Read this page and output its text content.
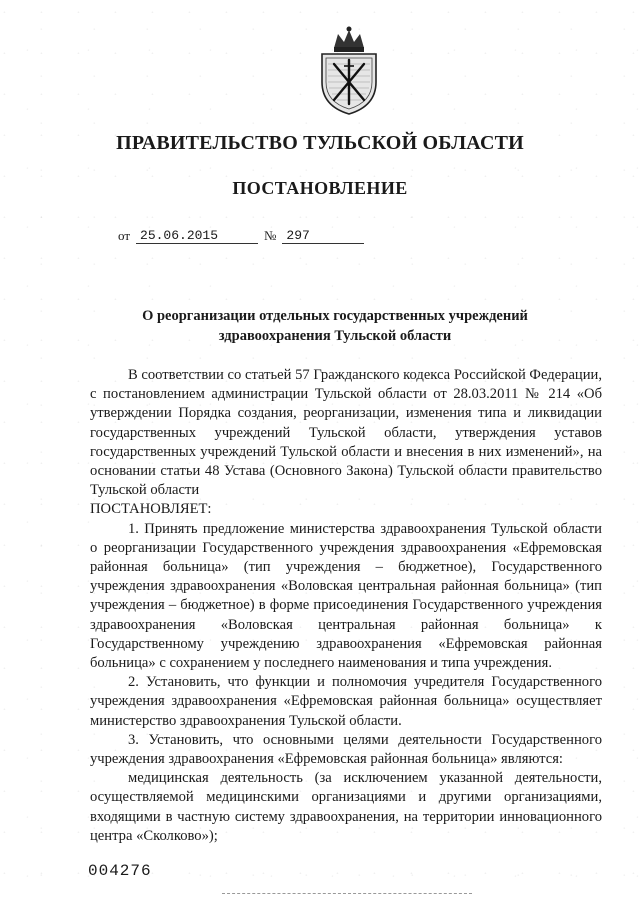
ПРАВИТЕЛЬСТВО ТУЛЬСКОЙ ОБЛАСТИ
ПОСТАНОВЛЕНИЕ
от 25.06.2015	№ 297
О реорганизации отдельных государственных учреждений
здравоохранения Тульской области

В соответствии со статьей 57 Гражданского кодекса Российской Федерации, с постановлением администрации Тульской области от 28.03.2011 № 214 «Об утверждении Порядка создания, реорганизации, изменения типа и ликвидации государственных учреждений Тульской области, утверждения уставов государственных учреждений Тульской области и внесения в них изменений», на основании статьи 48 Устава (Основного Закона) Тульской области правительство Тульской области

ПОСТАНОВЛЯЕТ:

1. Принять предложение министерства здравоохранения Тульской области о реорганизации Государственного учреждения здравоохранения «Ефремовская районная больница» (тип учреждения – бюджетное), Государственного учреждения здравоохранения «Воловская центральная районная больница» (тип учреждения – бюджетное) в форме присоединения Государственного учреждения здравоохранения «Воловская центральная районная больница» к Государственному учреждению здравоохранения «Ефремовская районная больница» с сохранением у последнего наименования и типа учреждения.

2. Установить, что функции и полномочия учредителя Государственного учреждения здравоохранения «Ефремовская районная больница» осуществляет министерство здравоохранения Тульской области.

3. Установить, что основными целями деятельности Государственного учреждения здравоохранения «Ефремовская районная больница» являются:

медицинская деятельность (за исключением указанной деятельности, осуществляемой медицинскими организациями и другими организациями, входящими в частную систему здравоохранения, на территории инновационного центра «Сколково»);

004276
